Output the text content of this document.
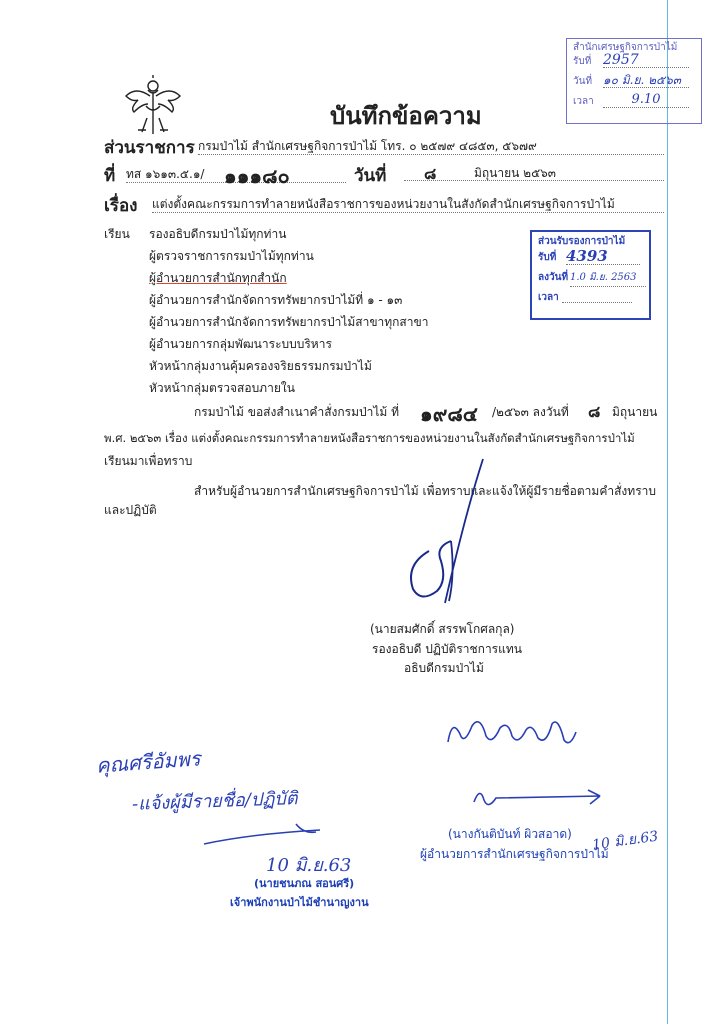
บันทึกข้อความ
สำนักเศรษฐกิจการป่าไม้
รับที่ 2957
วันที่ ๑๐ มิ.ย. ๒๕๖๓
เวลา	9.10
ส่วนราชการ กรมป่าไม้ สำนักเศรษฐกิจการป่าไม้ โทร. ๐ ๒๕๗๙ ๔๘๕๓, ๕๖๗๙
ที่ ทส ๑๖๑๓.๕.๑/ ๑๑๑๘๐	วันที่ ๘	มิถุนายน ๒๕๖๓
เรื่อง แต่งตั้งคณะกรรมการทำลายหนังสือราชการของหน่วยงานในสังกัดสำนักเศรษฐกิจการป่าไม้
เรียน รองอธิบดีกรมป่าไม้ทุกท่าน
ผู้ตรวจราชการกรมป่าไม้ทุกท่าน
ผู้อำนวยการสำนักทุกสำนัก
ผู้อำนวยการสำนักจัดการทรัพยากรป่าไม้ที่ ๑ - ๑๓
ผู้อำนวยการสำนักจัดการทรัพยากรป่าไม้สาขาทุกสาขา
ผู้อำนวยการกลุ่มพัฒนาระบบบริหาร
หัวหน้ากลุ่มงานคุ้มครองจริยธรรมกรมป่าไม้
หัวหน้ากลุ่มตรวจสอบภายใน
ส่วนรับรองการป่าไม้
รับที่ 4393
ลงวันที่ 1.0 มิ.ย. 2563
เวลา
กรมป่าไม้ ขอส่งสำเนาคำสั่งกรมป่าไม้ ที่ ๑๙๘๔ /๒๕๖๓ ลงวันที่ ๘ มิถุนายน
พ.ศ. ๒๕๖๓ เรื่อง แต่งตั้งคณะกรรมการทำลายหนังสือราชการของหน่วยงานในสังกัดสำนักเศรษฐกิจการป่าไม้
เรียนมาเพื่อทราบ
สำหรับผู้อำนวยการสำนักเศรษฐกิจการป่าไม้ เพื่อทราบและแจ้งให้ผู้มีรายชื่อตามคำสั่งทราบ
และปฏิบัติ
(นายสมศักดิ์ สรรพโกศลกุล)
รองอธิบดี ปฏิบัติราชการแทน
อธิบดีกรมป่าไม้
(นางกันติบันท์ ผิวสอาด)
ผู้อำนวยการสำนักเศรษฐกิจการป่าไม้
10 มิ.ย.63
คุณศรีอัมพร
-แจ้งผู้มีรายชื่อ/ปฏิบัติ
10 มิ.ย.63
(นายชนภณ สอนศรี)
เจ้าพนักงานป่าไม้ชำนาญงาน
